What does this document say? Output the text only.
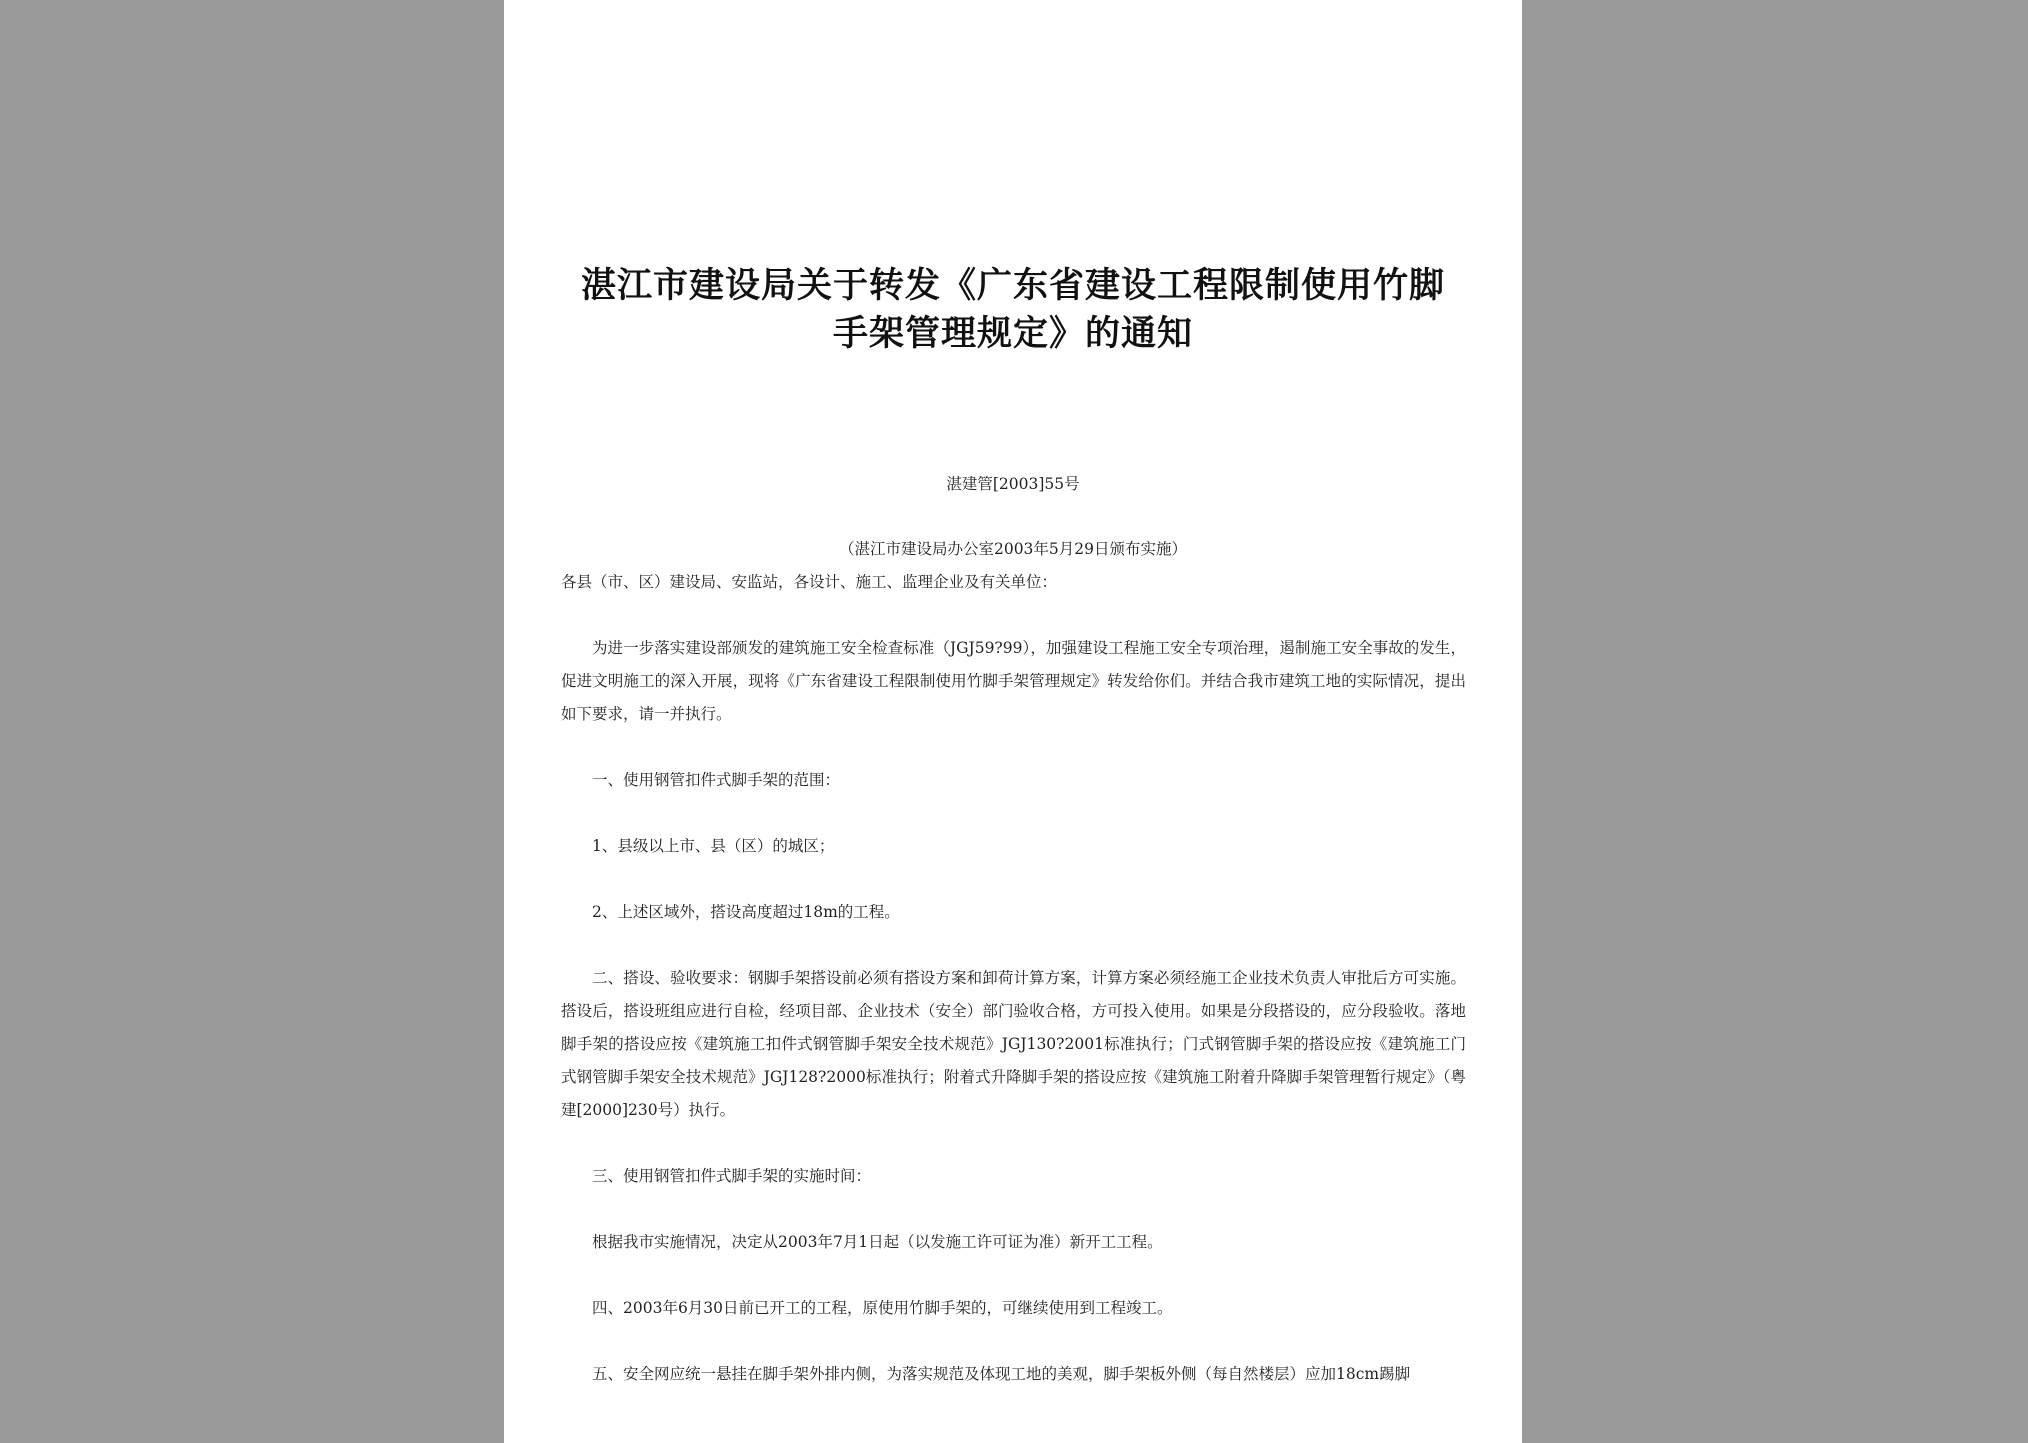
湛江市建设局关于转发《广东省建设工程限制使用竹脚
手架管理规定》的通知
湛建管[2003]55号
（湛江市建设局办公室2003年5月29日颁布实施）
各县（市、区）建设局、安监站，各设计、施工、监理企业及有关单位：
为进一步落实建设部颁发的建筑施工安全检查标准（JGJ59?99），加强建设工程施工安全专项治理，遏制施工安全事故的发生，促进文明施工的深入开展，现将《广东省建设工程限制使用竹脚手架管理规定》转发给你们。并结合我市建筑工地的实际情况，提出如下要求，请一并执行。
一、使用钢管扣件式脚手架的范围：
1、县级以上市、县（区）的城区；
2、上述区域外，搭设高度超过18m的工程。
二、搭设、验收要求：钢脚手架搭设前必须有搭设方案和卸荷计算方案，计算方案必须经施工企业技术负责人审批后方可实施。搭设后，搭设班组应进行自检，经项目部、企业技术（安全）部门验收合格，方可投入使用。如果是分段搭设的，应分段验收。落地脚手架的搭设应按《建筑施工扣件式钢管脚手架安全技术规范》JGJ130?2001标准执行；门式钢管脚手架的搭设应按《建筑施工门式钢管脚手架安全技术规范》JGJ128?2000标准执行；附着式升降脚手架的搭设应按《建筑施工附着升降脚手架管理暂行规定》（粤 建[2000]230号）执行。
三、使用钢管扣件式脚手架的实施时间：
根据我市实施情况，决定从2003年7月1日起（以发施工许可证为准）新开工工程。
四、2003年6月30日前已开工的工程，原使用竹脚手架的，可继续使用到工程竣工。
五、安全网应统一悬挂在脚手架外排内侧，为落实规范及体现工地的美观，脚手架板外侧（每自然楼层）应加18cm踢脚
